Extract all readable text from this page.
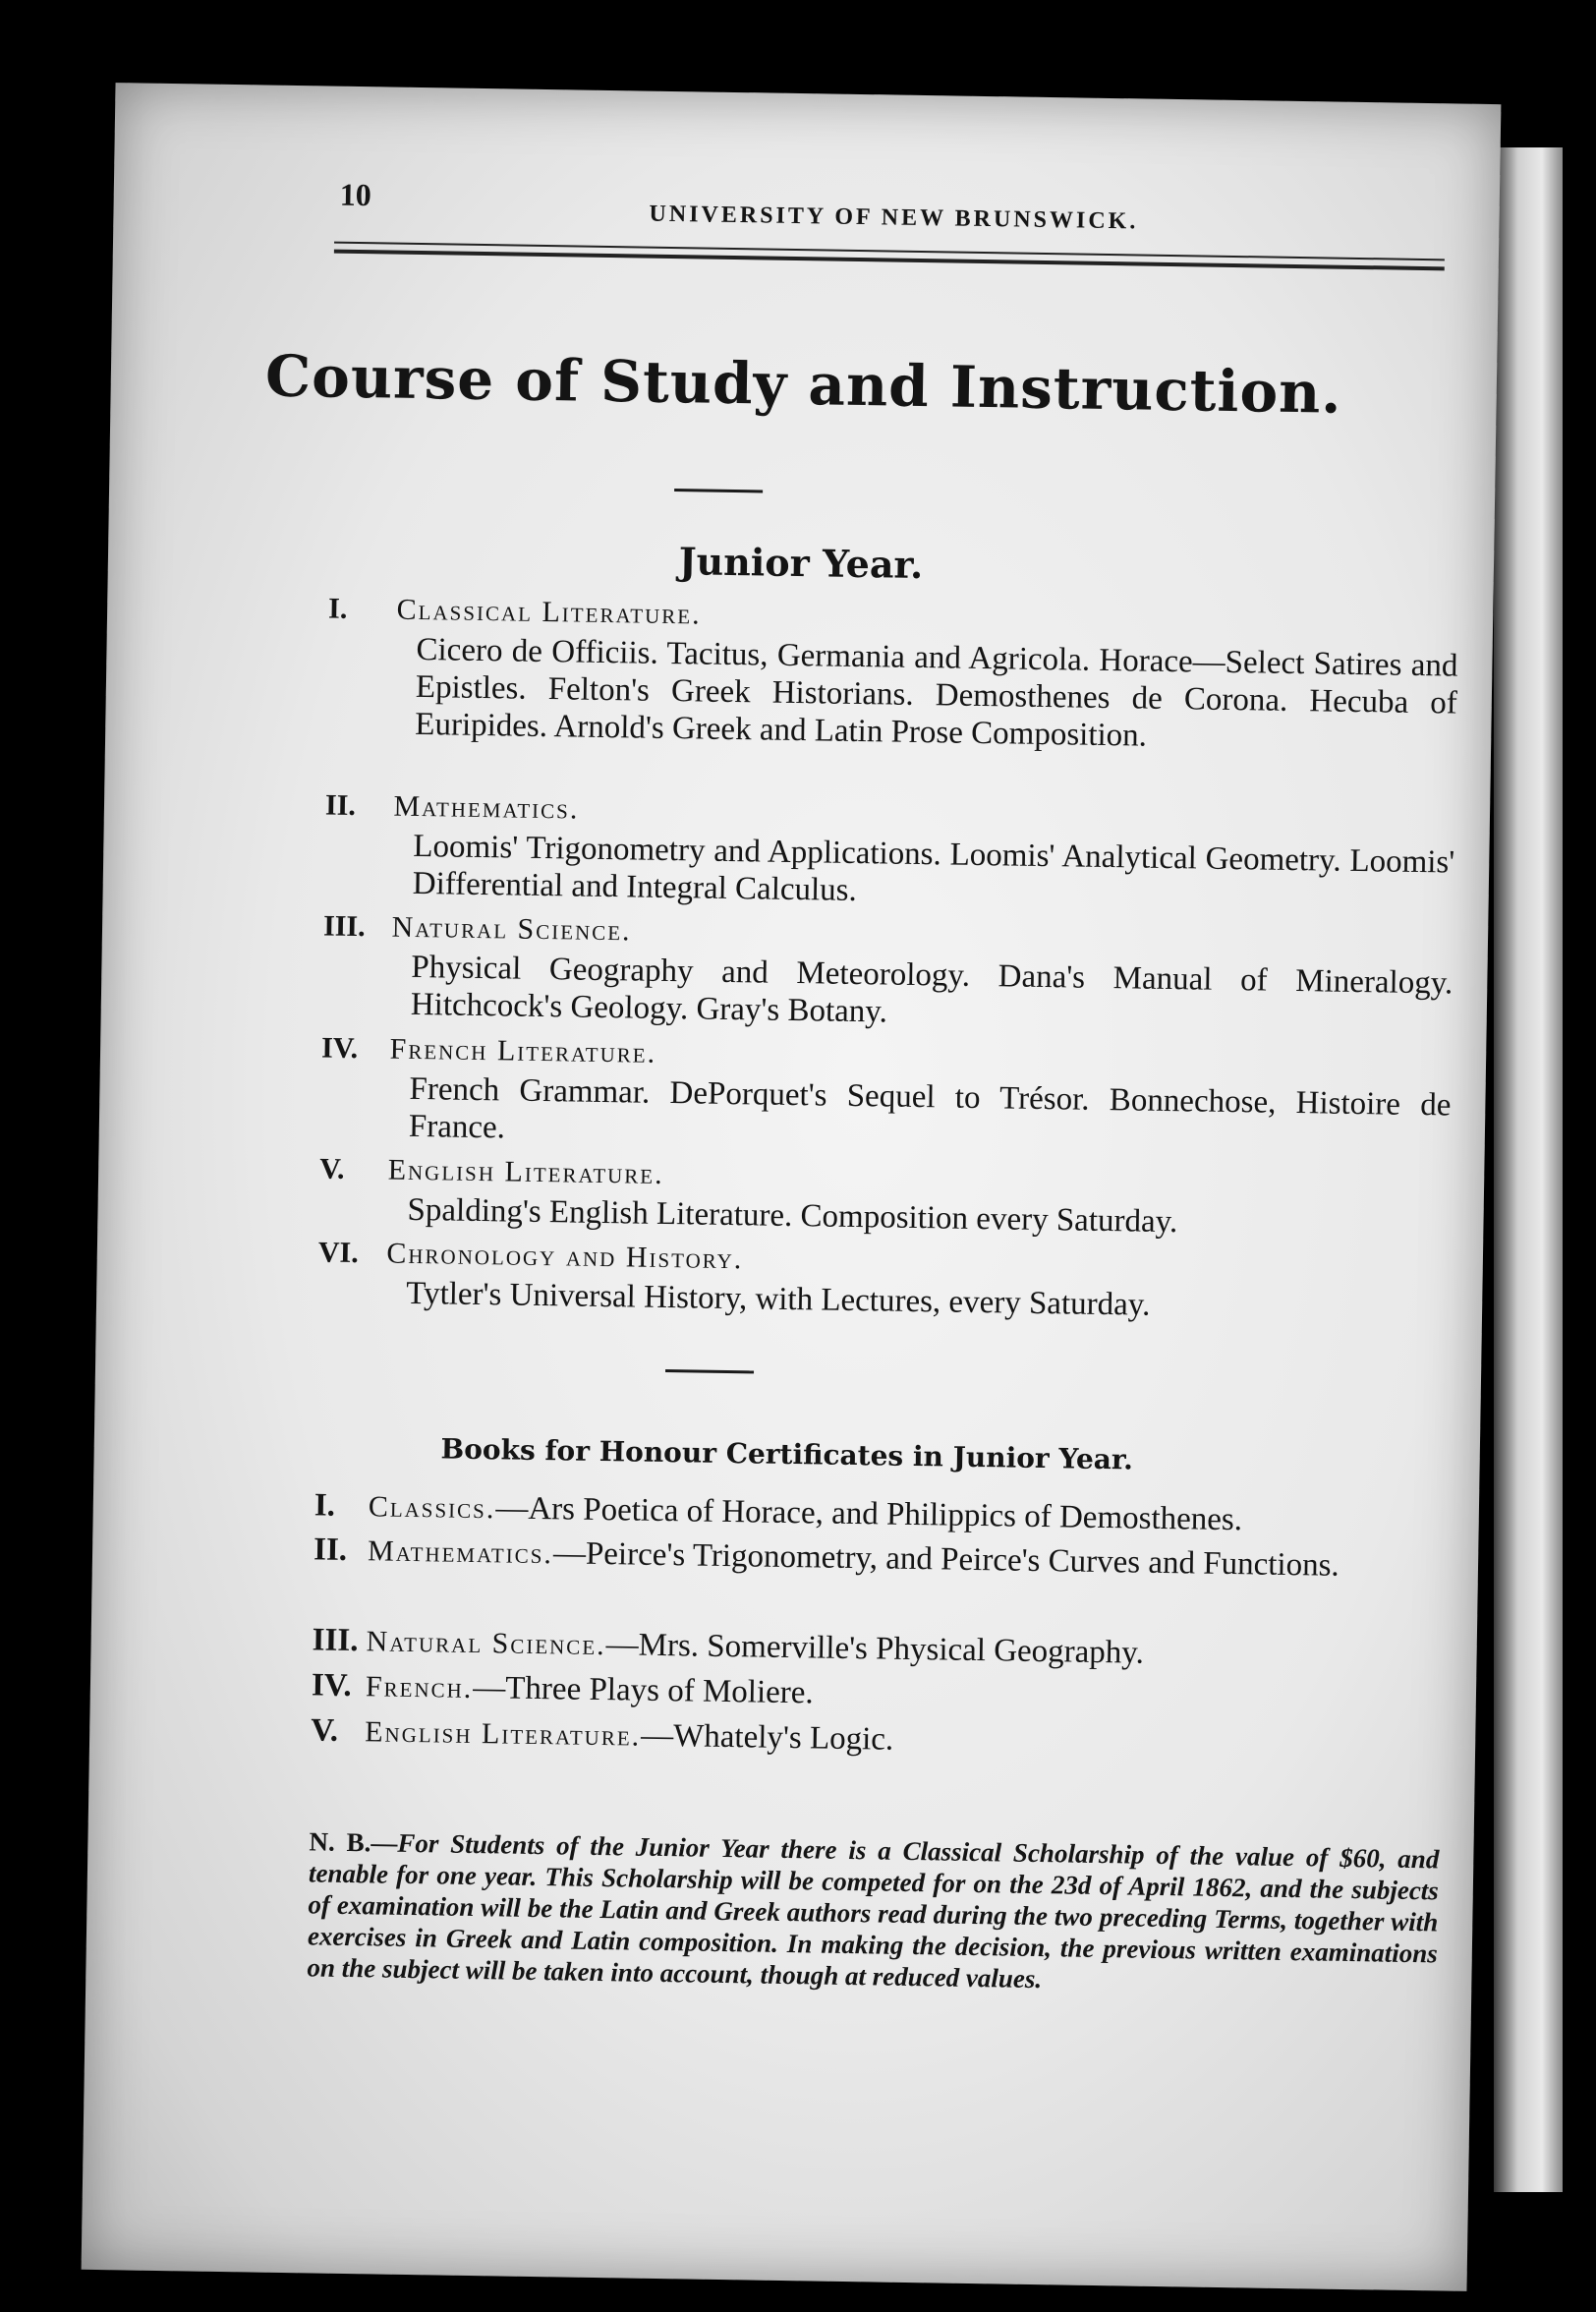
10
UNIVERSITY OF NEW BRUNSWICK.
Course of Study and Instruction.
Junior Year.
I. Classical Literature.
Cicero de Officiis. Tacitus, Germania and Agricola. Horace—Select Satires and Epistles. Felton's Greek Historians. Demosthenes de Corona. Hecuba of Euripides. Arnold's Greek and Latin Prose Composition.
II. Mathematics.
Loomis' Trigonometry and Applications. Loomis' Analytical Geometry. Loomis' Differential and Integral Calculus.
III. Natural Science.
Physical Geography and Meteorology. Dana's Manual of Mineralogy. Hitchcock's Geology. Gray's Botany.
IV. French Literature.
French Grammar. DePorquet's Sequel to Trésor. Bonnechose, Histoire de France.
V. English Literature.
Spalding's English Literature. Composition every Saturday.
VI. Chronology and History.
Tytler's Universal History, with Lectures, every Saturday.
Books for Honour Certificates in Junior Year.
I. Classics.—Ars Poetica of Horace, and Philippics of Demosthenes.
II. Mathematics.—Peirce's Trigonometry, and Peirce's Curves and Functions.
III. Natural Science.—Mrs. Somerville's Physical Geography.
IV. French.—Three Plays of Moliere.
V. English Literature.—Whately's Logic.
N. B.—For Students of the Junior Year there is a Classical Scholarship of the value of $60, and tenable for one year. This Scholarship will be competed for on the 23d of April 1862, and the subjects of examination will be the Latin and Greek authors read during the two preceding Terms, together with exercises in Greek and Latin composition. In making the decision, the previous written examinations on the subject will be taken into account, though at reduced values.
